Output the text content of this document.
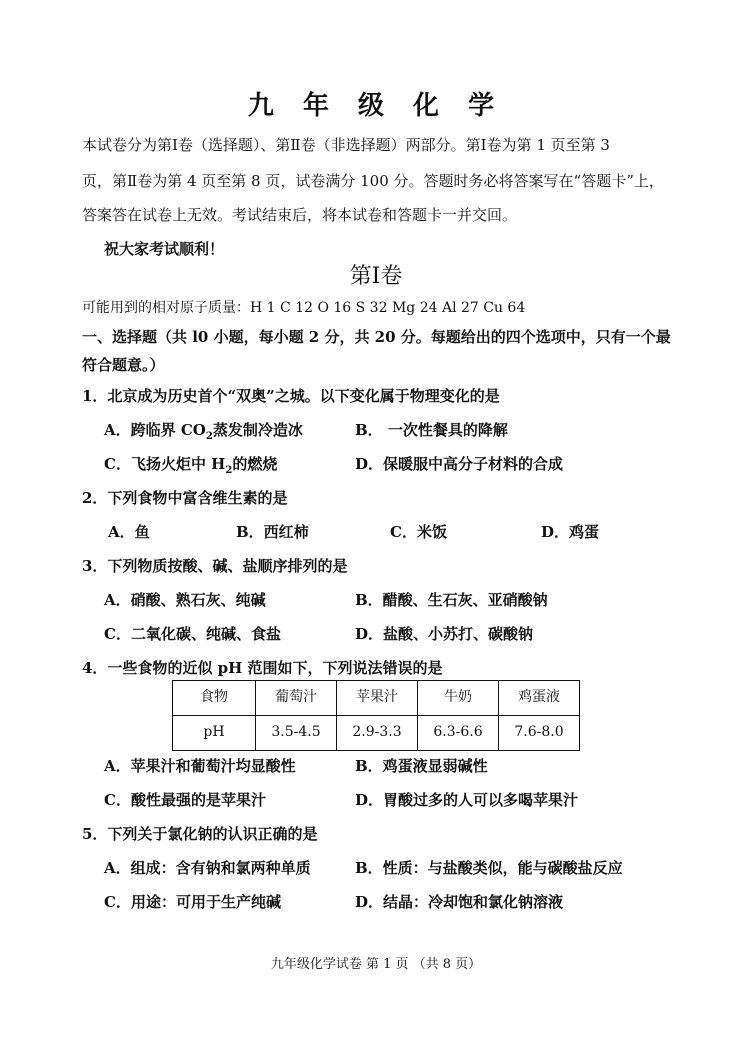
九 年 级 化 学
本试卷分为第Ⅰ卷（选择题）、第Ⅱ卷（非选择题）两部分。第Ⅰ卷为第 1 页至第 3
页，第Ⅱ卷为第 4 页至第 8 页，试卷满分 100 分。答题时务必将答案写在“答题卡”上，
答案答在试卷上无效。考试结束后，将本试卷和答题卡一并交回。
祝大家考试顺利！
第Ⅰ卷
可能用到的相对原子质量：H 1 C 12 O 16 S 32 Mg 24 Al 27 Cu 64
一、选择题（共 l0 小题，每小题 2 分，共 20 分。每题给出的四个选项中，只有一个最
符合题意。）
1．北京成为历史首个“双奥”之城。以下变化属于物理变化的是
A．跨临界 $CO_2$蒸发制冷造冰	B． 一次性餐具的降解
C．飞扬火炬中 $H_2$的燃烧	D．保暖服中高分子材料的合成
2．下列食物中富含维生素的是
A．鱼	B．西红柿	C．米饭	D．鸡蛋
3．下列物质按酸、碱、盐顺序排列的是
A．硝酸、熟石灰、纯碱	B．醋酸、生石灰、亚硝酸钠
C．二氧化碳、纯碱、食盐	D．盐酸、小苏打、碳酸钠
4．一些食物的近似 pH 范围如下，下列说法错误的是
食物	葡萄汁	苹果汁	牛奶	鸡蛋液
pH	3.5-4.5	2.9-3.3	6.3-6.6	7.6-8.0
A．苹果汁和葡萄汁均显酸性	B．鸡蛋液显弱碱性
C．酸性最强的是苹果汁	D．胃酸过多的人可以多喝苹果汁
5．下列关于氯化钠的认识正确的是
A．组成：含有钠和氯两种单质	B．性质：与盐酸类似，能与碳酸盐反应
C．用途：可用于生产纯碱	D．结晶：冷却饱和氯化钠溶液
九年级化学试卷 第 1 页 （共 8 页）
